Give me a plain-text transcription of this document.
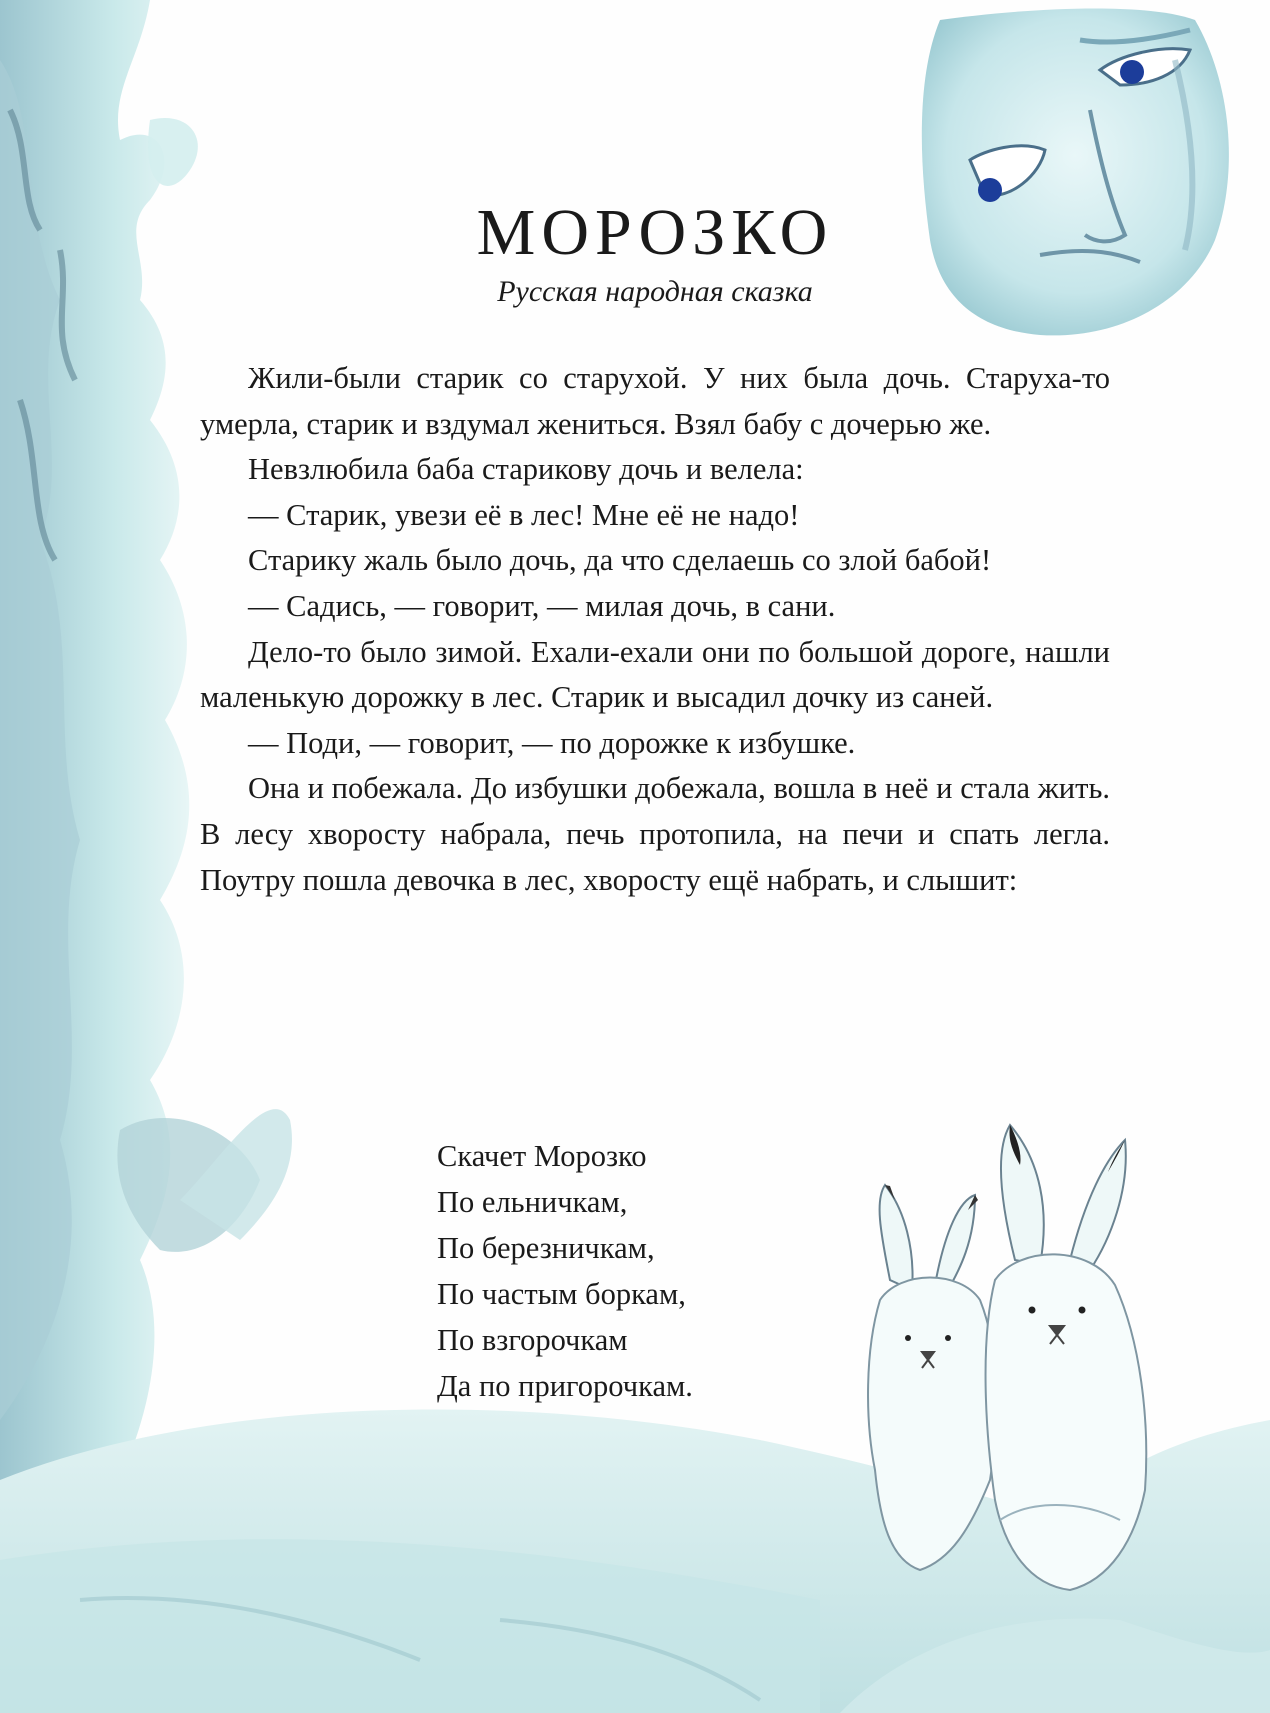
МОРОЗКО
Русская народная сказка

Жили-были старик со старухой. У них была дочь. Старуха-то умерла, старик и вздумал жениться. Взял бабу с дочерью же.

Невзлюбила баба старикову дочь и велела:

— Старик, увези её в лес! Мне её не надо!

Старику жаль было дочь, да что сделаешь со злой бабой!

— Садись, — говорит, — милая дочь, в сани.

Дело-то было зимой. Ехали-ехали они по большой дороге, нашли маленькую дорожку в лес. Старик и высадил дочку из саней.

— Поди, — говорит, — по дорожке к избушке.

Она и побежала. До избушки добежала, вошла в неё и стала жить. В лесу хворосту набрала, печь протопила, на печи и спать легла. Поутру пошла девочка в лес, хворосту ещё набрать, и слышит:

Скачет Морозко
По ельничкам,
По березничкам,
По частым боркам,
По взгорочкам
Да по пригорочкам.
